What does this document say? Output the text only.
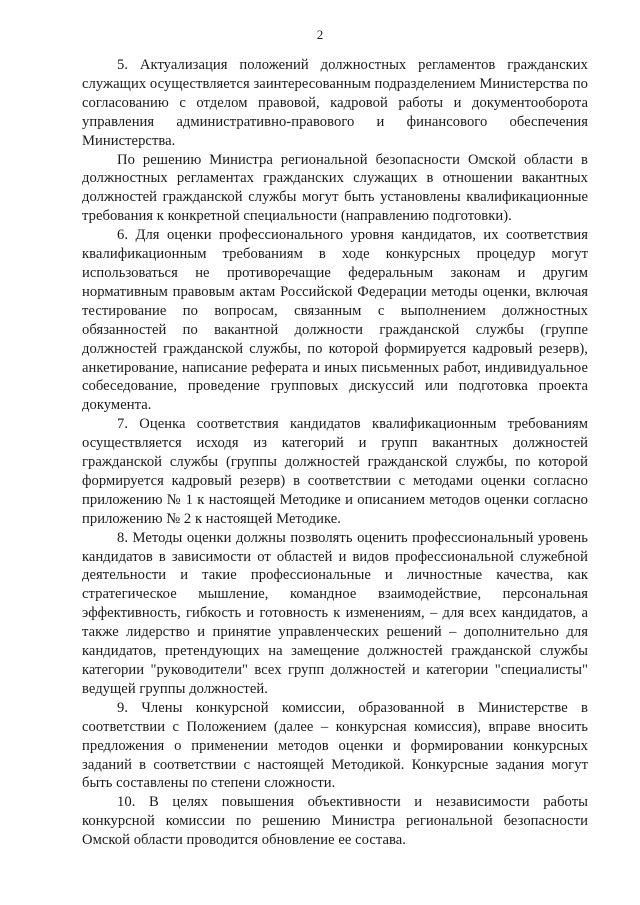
2

5. Актуализация положений должностных регламентов гражданских служащих осуществляется заинтересованным подразделением Министерства по согласованию с отделом правовой, кадровой работы и документооборота управления административно-правового и финансового обеспечения Министерства.

По решению Министра региональной безопасности Омской области в должностных регламентах гражданских служащих в отношении вакантных должностей гражданской службы могут быть установлены квалификационные требования к конкретной специальности (направлению подготовки).

6. Для оценки профессионального уровня кандидатов, их соответствия квалификационным требованиям в ходе конкурсных процедур могут использоваться не противоречащие федеральным законам и другим нормативным правовым актам Российской Федерации методы оценки, включая тестирование по вопросам, связанным с выполнением должностных обязанностей по вакантной должности гражданской службы (группе должностей гражданской службы, по которой формируется кадровый резерв), анкетирование, написание реферата и иных письменных работ, индивидуальное собеседование, проведение групповых дискуссий или подготовка проекта документа.

7. Оценка соответствия кандидатов квалификационным требованиям осуществляется исходя из категорий и групп вакантных должностей гражданской службы (группы должностей гражданской службы, по которой формируется кадровый резерв) в соответствии с методами оценки согласно приложению № 1 к настоящей Методике и описанием методов оценки согласно приложению № 2 к настоящей Методике.

8. Методы оценки должны позволять оценить профессиональный уровень кандидатов в зависимости от областей и видов профессиональной служебной деятельности и такие профессиональные и личностные качества, как стратегическое мышление, командное взаимодействие, персональная эффективность, гибкость и готовность к изменениям, – для всех кандидатов, а также лидерство и принятие управленческих решений – дополнительно для кандидатов, претендующих на замещение должностей гражданской службы категории "руководители" всех групп должностей и категории "специалисты" ведущей группы должностей.

9. Члены конкурсной комиссии, образованной в Министерстве в соответствии с Положением (далее – конкурсная комиссия), вправе вносить предложения о применении методов оценки и формировании конкурсных заданий в соответствии с настоящей Методикой. Конкурсные задания могут быть составлены по степени сложности.

10. В целях повышения объективности и независимости работы конкурсной комиссии по решению Министра региональной безопасности Омской области проводится обновление ее состава.
